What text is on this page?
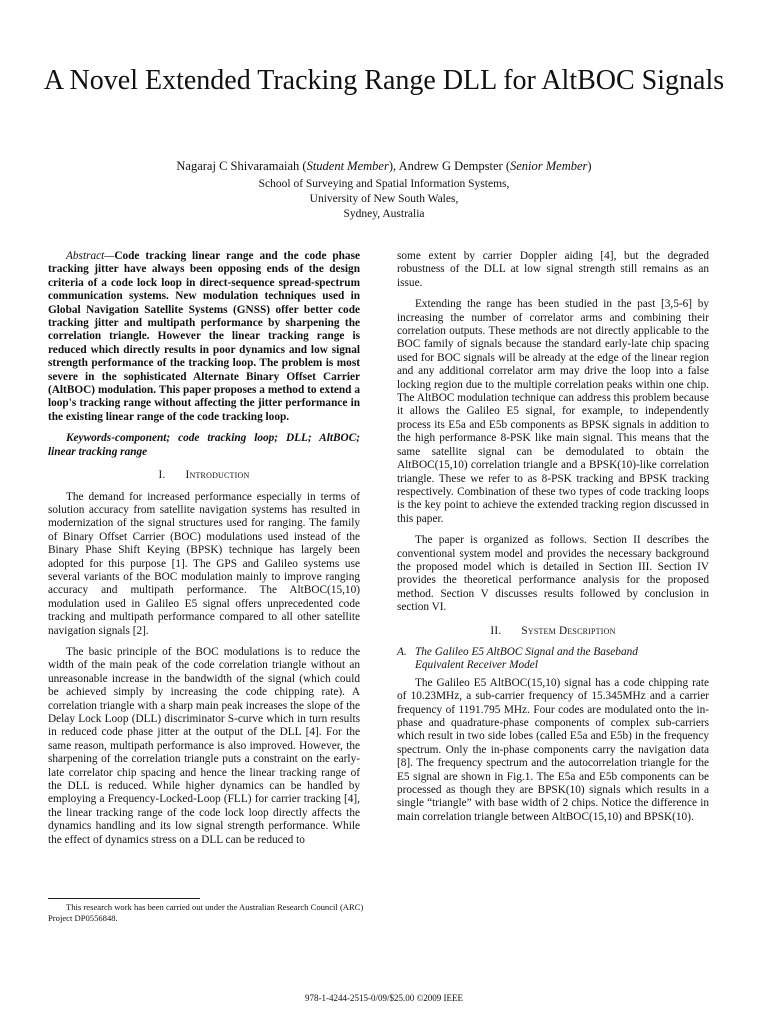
A Novel Extended Tracking Range DLL for AltBOC Signals
Nagaraj C Shivaramaiah (Student Member), Andrew G Dempster (Senior Member)
School of Surveying and Spatial Information Systems,
University of New South Wales,
Sydney, Australia

Abstract—Code tracking linear range and the code phase tracking jitter have always been opposing ends of the design criteria of a code lock loop in direct-sequence spread-spectrum communication systems. New modulation techniques used in Global Navigation Satellite Systems (GNSS) offer better code tracking jitter and multipath performance by sharpening the correlation triangle. However the linear tracking range is reduced which directly results in poor dynamics and low signal strength performance of the tracking loop. The problem is most severe in the sophisticated Alternate Binary Offset Carrier (AltBOC) modulation. This paper proposes a method to extend a loop's tracking range without affecting the jitter performance in the existing linear range of the code tracking loop.

Keywords-component; code tracking loop; DLL; AltBOC; linear tracking range

I. Introduction

The demand for increased performance especially in terms of solution accuracy from satellite navigation systems has resulted in modernization of the signal structures used for ranging. The family of Binary Offset Carrier (BOC) modulations used instead of the Binary Phase Shift Keying (BPSK) technique has largely been adopted for this purpose [1]. The GPS and Galileo systems use several variants of the BOC modulation mainly to improve ranging accuracy and multipath performance. The AltBOC(15,10) modulation used in Galileo E5 signal offers unprecedented code tracking and multipath performance compared to all other satellite navigation signals [2].

The basic principle of the BOC modulations is to reduce the width of the main peak of the code correlation triangle without an unreasonable increase in the bandwidth of the signal (which could be achieved simply by increasing the code chipping rate). A correlation triangle with a sharp main peak increases the slope of the Delay Lock Loop (DLL) discriminator S-curve which in turn results in reduced code phase jitter at the output of the DLL [4]. For the same reason, multipath performance is also improved. However, the sharpening of the correlation triangle puts a constraint on the early-late correlator chip spacing and hence the linear tracking range of the DLL is reduced. While higher dynamics can be handled by employing a Frequency-Locked-Loop (FLL) for carrier tracking [4], the linear tracking range of the code lock loop directly affects the dynamics handling and its low signal strength performance. While the effect of dynamics stress on a DLL can be reduced to

some extent by carrier Doppler aiding [4], but the degraded robustness of the DLL at low signal strength still remains as an issue.

Extending the range has been studied in the past [3,5-6] by increasing the number of correlator arms and combining their correlation outputs. These methods are not directly applicable to the BOC family of signals because the standard early-late chip spacing used for BOC signals will be already at the edge of the linear region and any additional correlator arm may drive the loop into a false locking region due to the multiple correlation peaks within one chip. The AltBOC modulation technique can address this problem because it allows the Galileo E5 signal, for example, to independently process its E5a and E5b components as BPSK signals in addition to the high performance 8-PSK like main signal. This means that the same satellite signal can be demodulated to obtain the AltBOC(15,10) correlation triangle and a BPSK(10)-like correlation triangle. These we refer to as 8-PSK tracking and BPSK tracking respectively. Combination of these two types of code tracking loops is the key point to achieve the extended tracking region discussed in this paper.

The paper is organized as follows. Section II describes the conventional system model and provides the necessary background the proposed model which is detailed in Section III. Section IV provides the theoretical performance analysis for the proposed method. Section V discusses results followed by conclusion in section VI.

II. System Description
A. The Galileo E5 AltBOC Signal and the Baseband
Equivalent Receiver Model

The Galileo E5 AltBOC(15,10) signal has a code chipping rate of 10.23MHz, a sub-carrier frequency of 15.345MHz and a carrier frequency of 1191.795 MHz. Four codes are modulated onto the in-phase and quadrature-phase components of complex sub-carriers which result in two side lobes (called E5a and E5b) in the frequency spectrum. Only the in-phase components carry the navigation data [8]. The frequency spectrum and the autocorrelation triangle for the E5 signal are shown in Fig.1. The E5a and E5b components can be processed as though they are BPSK(10) signals which results in a single “triangle” with base width of 2 chips. Notice the difference in main correlation triangle between AltBOC(15,10) and BPSK(10).

This research work has been carried out under the Australian Research Council (ARC) Project DP0556848.
978-1-4244-2515-0/09/$25.00 ©2009 IEEE
